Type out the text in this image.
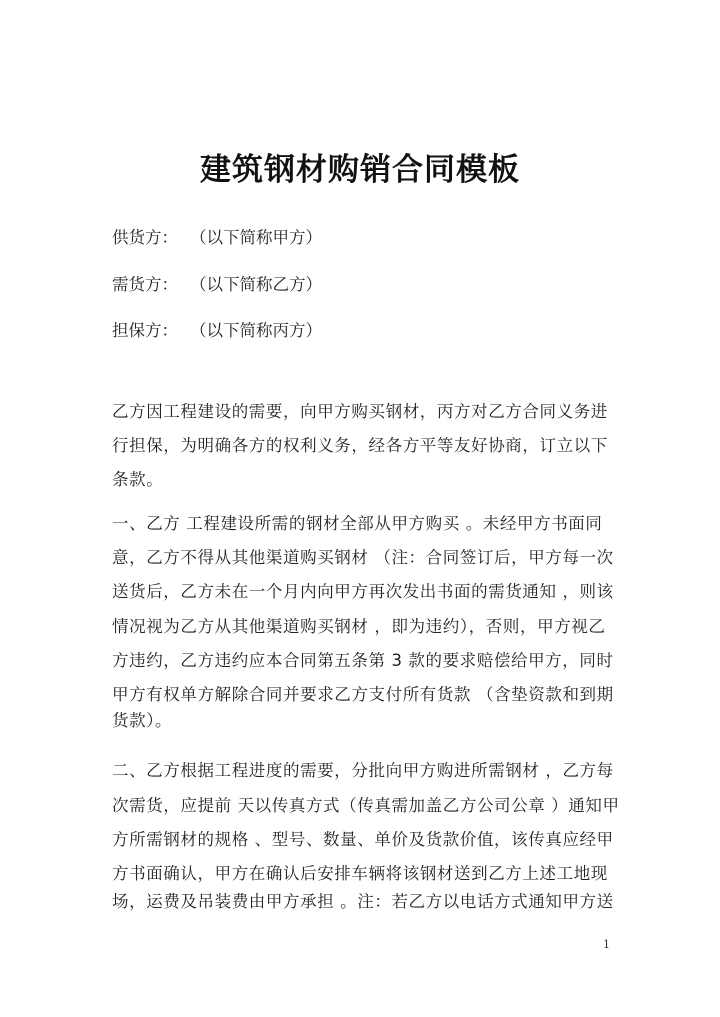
建筑钢材购销合同模板
供货方： （以下简称甲方）
需货方： （以下简称乙方）
担保方： （以下简称丙方）
乙方因工程建设的需要，向甲方购买钢材，丙方对乙方合同义务进
行担保，为明确各方的权利义务，经各方平等友好协商，订立以下
条款。
一、乙方 工程建设所需的钢材全部从甲方购买 。未经甲方书面同
意，乙方不得从其他渠道购买钢材 （注：合同签订后，甲方每一次
送货后，乙方未在一个月内向甲方再次发出书面的需货通知 ，则该
情况视为乙方从其他渠道购买钢材 ，即为违约），否则，甲方视乙
方违约，乙方违约应本合同第五条第 3 款的要求赔偿给甲方，同时
甲方有权单方解除合同并要求乙方支付所有货款 （含垫资款和到期
货款）。
二、乙方根据工程进度的需要，分批向甲方购进所需钢材 ，乙方每
次需货，应提前 天以传真方式（传真需加盖乙方公司公章 ）通知甲
方所需钢材的规格 、型号、数量、单价及货款价值，该传真应经甲
方书面确认，甲方在确认后安排车辆将该钢材送到乙方上述工地现
场，运费及吊装费由甲方承担 。注：若乙方以电话方式通知甲方送
1
